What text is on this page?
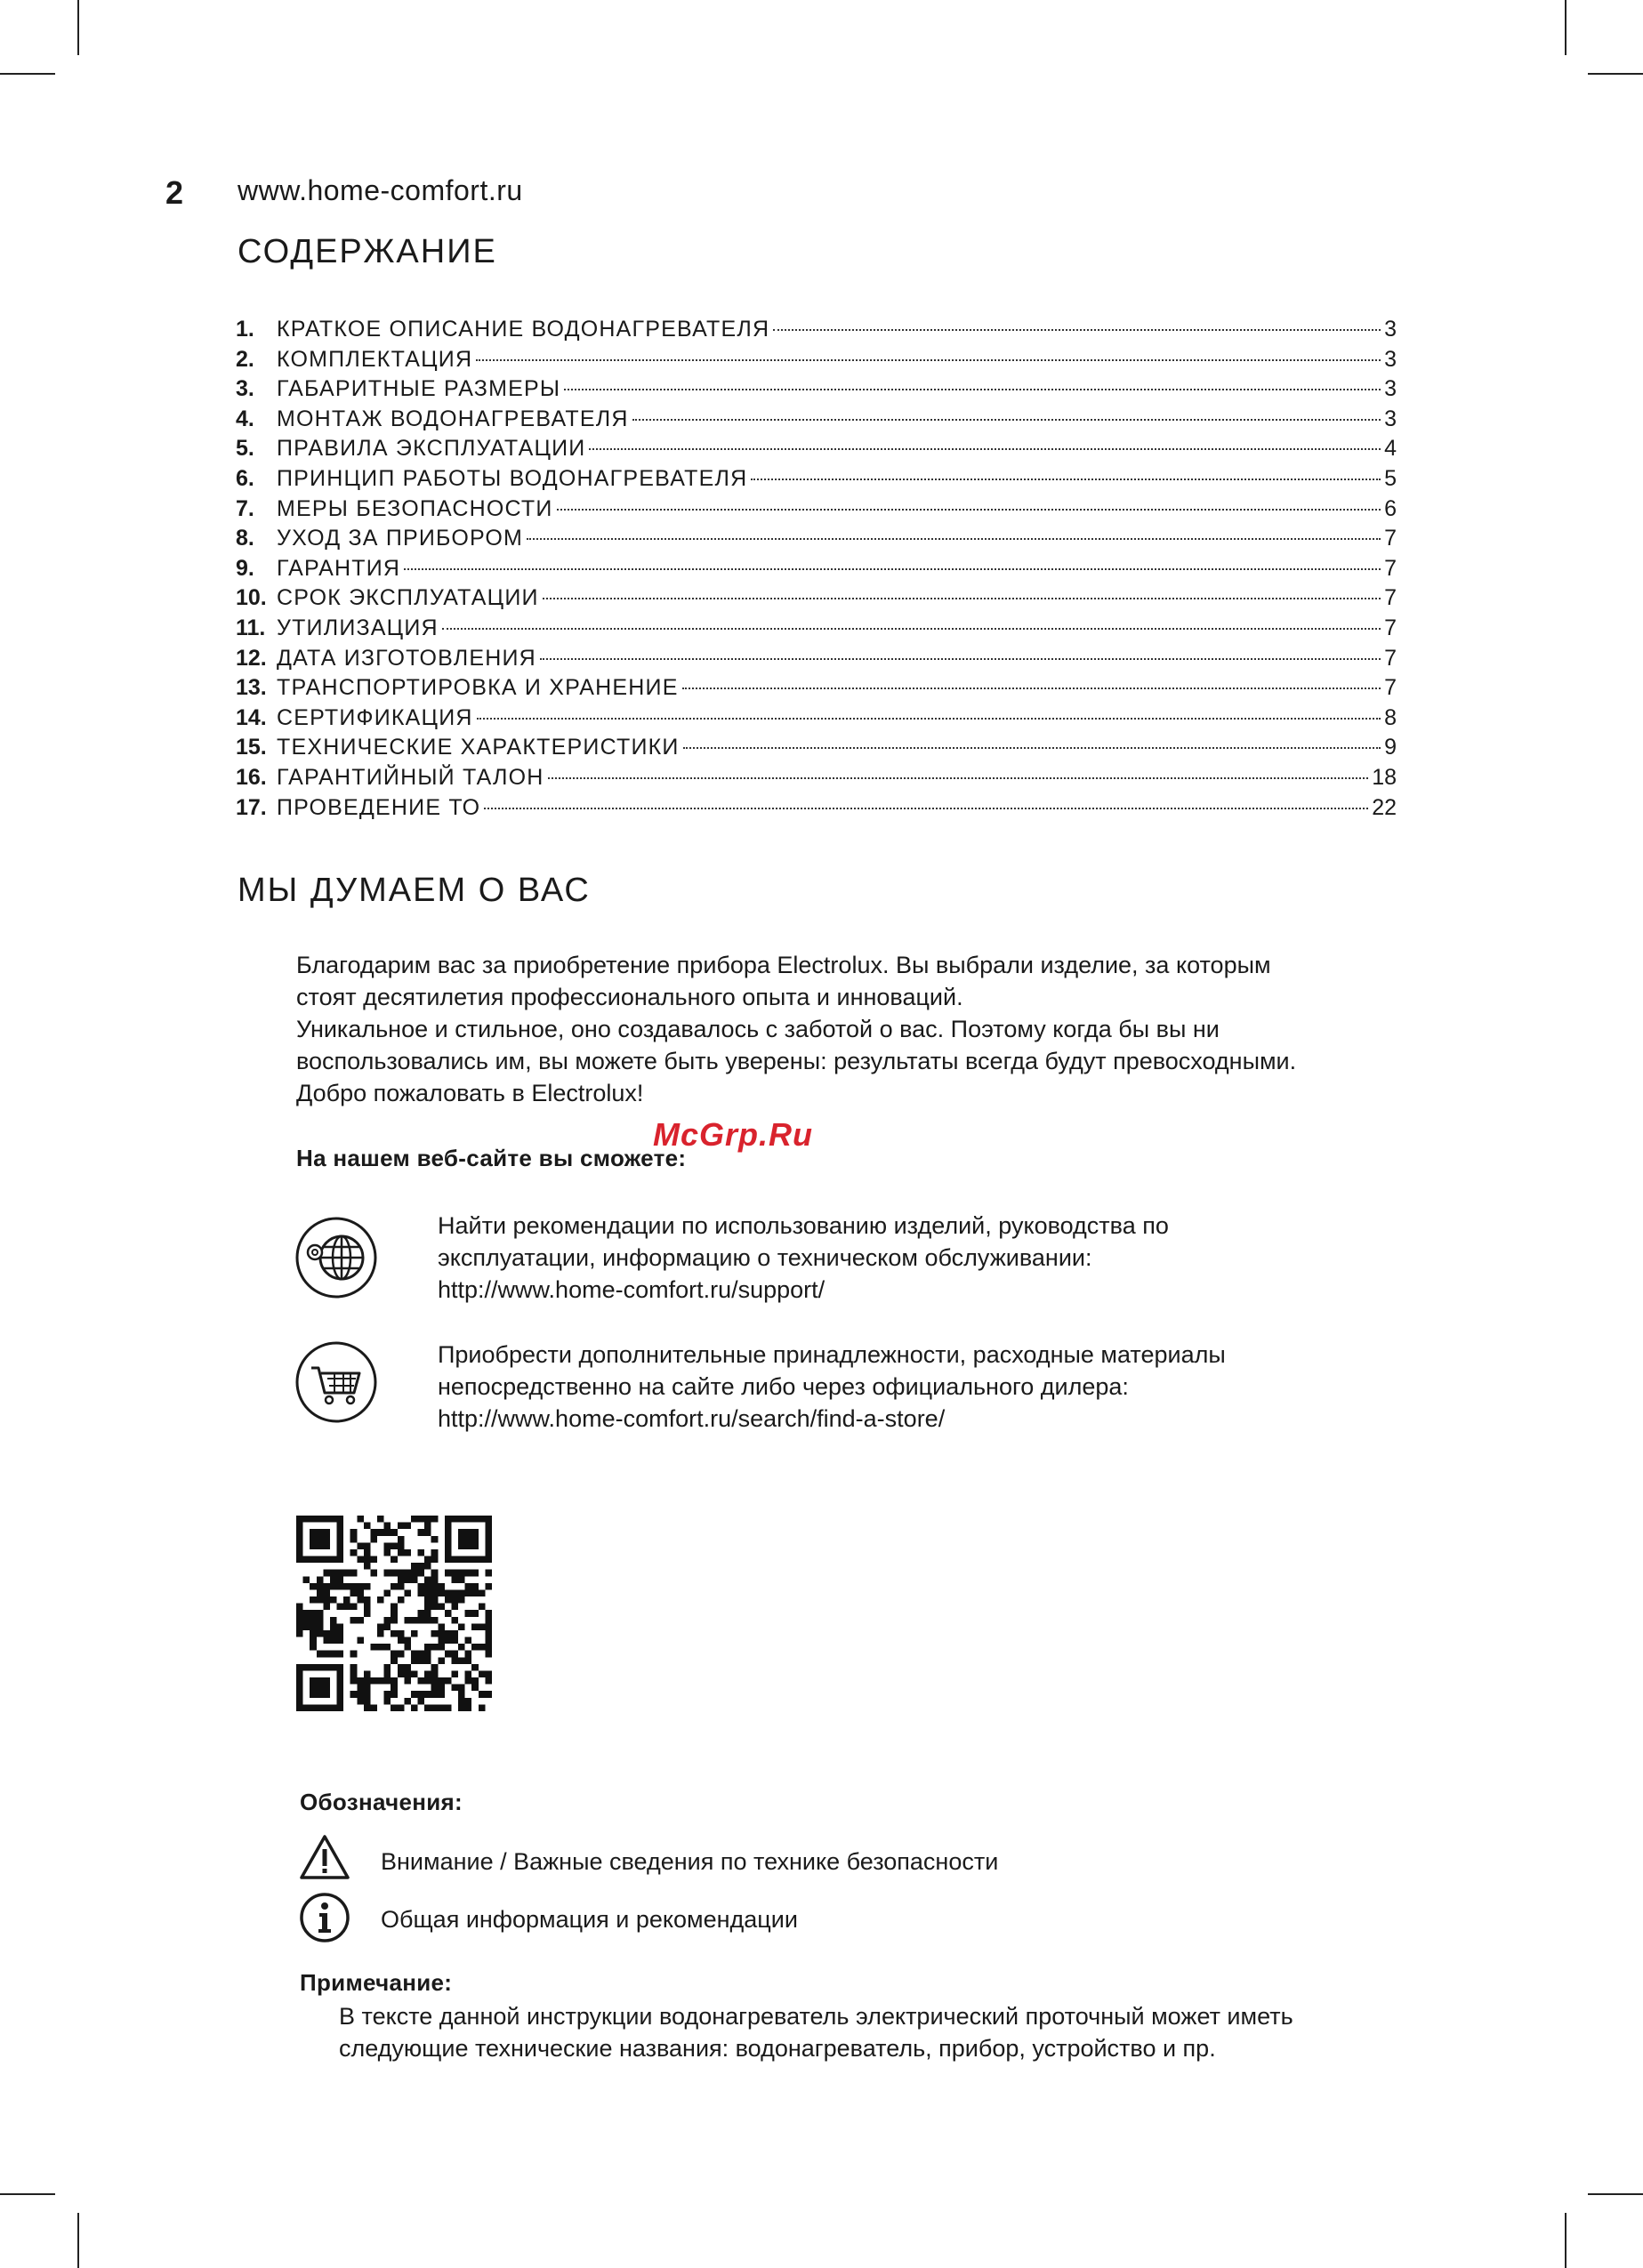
2 www.home-comfort.ru
СОДЕРЖАНИЕ
1.	КРАТКОЕ ОПИСАНИЕ ВОДОНАГРЕВАТЕЛЯ	3
2.	КОМПЛЕКТАЦИЯ	3
3.	ГАБАРИТНЫЕ РАЗМЕРЫ	3
4.	МОНТАЖ ВОДОНАГРЕВАТЕЛЯ	3
5.	ПРАВИЛА ЭКСПЛУАТАЦИИ	4
6.	ПРИНЦИП РАБОТЫ ВОДОНАГРЕВАТЕЛЯ	5
7.	МЕРЫ БЕЗОПАСНОСТИ	6
8.	УХОД ЗА ПРИБОРОМ	7
9.	ГАРАНТИЯ	7
10. СРОК ЭКСПЛУАТАЦИИ	7
11. УТИЛИЗАЦИЯ	7
12. ДАТА ИЗГОТОВЛЕНИЯ	7
13. ТРАНСПОРТИРОВКА И ХРАНЕНИЕ	7
14. СЕРТИФИКАЦИЯ	8
15. ТЕХНИЧЕСКИЕ ХАРАКТЕРИСТИКИ	9
16. ГАРАНТИЙНЫЙ ТАЛОН	18
17. ПРОВЕДЕНИЕ ТО	22
МЫ ДУМАЕМ О ВАС

Благодарим вас за приобретение прибора Electrolux. Вы выбрали изделие, за которым
стоят десятилетия профессионального опыта и инноваций.
Уникальное и стильное, оно создавалось с заботой о вас. Поэтому когда бы вы ни
воспользовались им, вы можете быть уверены: результаты всегда будут превосходными.
Добро пожаловать в Electrolux!

McGrp.Ru

На нашем веб-сайте вы сможете:

Найти рекомендации по использованию изделий, руководства по
эксплуатации, информацию о техническом обслуживании:
http://www.home-comfort.ru/support/

Приобрести дополнительные принадлежности, расходные материалы
непосредственно на сайте либо через официального дилера:
http://www.home-comfort.ru/search/find-a-store/

Обозначения:

Внимание / Важные сведения по технике безопасности

Общая информация и рекомендации

Примечание:

В тексте данной инструкции водонагреватель электрический проточный может иметь
следующие технические названия: водонагреватель, прибор, устройство и пр.
